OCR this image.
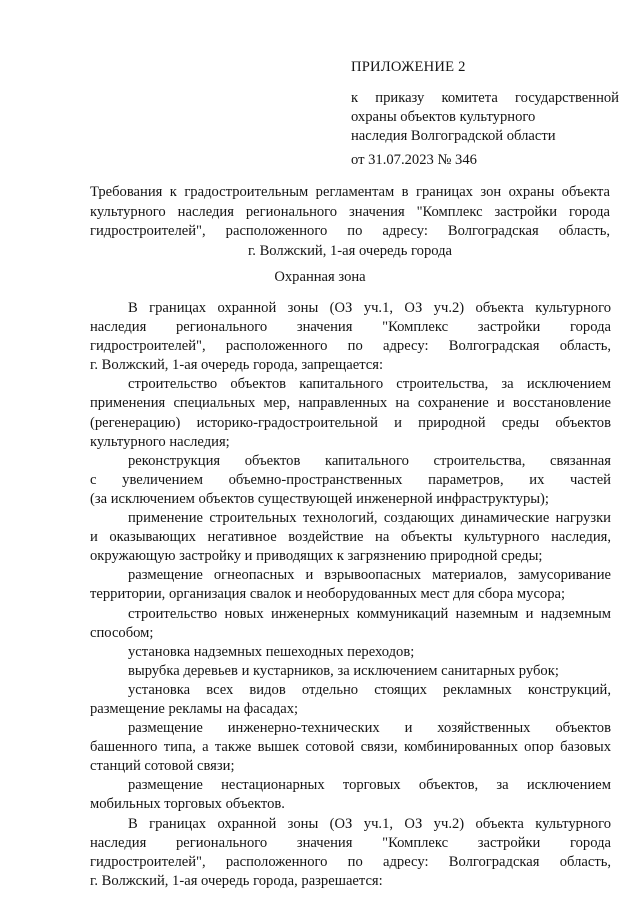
ПРИЛОЖЕНИЕ 2
к приказу комитета государственной
охраны объектов культурного
наследия Волгоградской области
от 31.07.2023 № 346
Требования к градостроительным регламентам в границах зон охраны объекта
культурного наследия регионального значения "Комплекс застройки города
гидростроителей", расположенного по адресу: Волгоградская область,
г. Волжский, 1-ая очередь города
Охранная зона
В границах охранной зоны (ОЗ уч.1, ОЗ уч.2) объекта культурного
наследия регионального значения "Комплекс застройки города
гидростроителей", расположенного по адресу: Волгоградская область,
г. Волжский, 1-ая очередь города, запрещается:
строительство объектов капитального строительства, за исключением
применения специальных мер, направленных на сохранение и восстановление
(регенерацию) историко-градостроительной и природной среды объектов
культурного наследия;
реконструкция объектов капитального строительства, связанная
с увеличением объемно-пространственных параметров, их частей
(за исключением объектов существующей инженерной инфраструктуры);
применение строительных технологий, создающих динамические нагрузки
и оказывающих негативное воздействие на объекты культурного наследия,
окружающую застройку и приводящих к загрязнению природной среды;
размещение огнеопасных и взрывоопасных материалов, замусоривание
территории, организация свалок и необорудованных мест для сбора мусора;
строительство новых инженерных коммуникаций наземным и надземным
способом;
установка надземных пешеходных переходов;
вырубка деревьев и кустарников, за исключением санитарных рубок;
установка всех видов отдельно стоящих рекламных конструкций,
размещение рекламы на фасадах;
размещение инженерно-технических и хозяйственных объектов
башенного типа, а также вышек сотовой связи, комбинированных опор базовых
станций сотовой связи;
размещение нестационарных торговых объектов, за исключением
мобильных торговых объектов.
В границах охранной зоны (ОЗ уч.1, ОЗ уч.2) объекта культурного
наследия регионального значения "Комплекс застройки города
гидростроителей", расположенного по адресу: Волгоградская область,
г. Волжский, 1-ая очередь города, разрешается:
